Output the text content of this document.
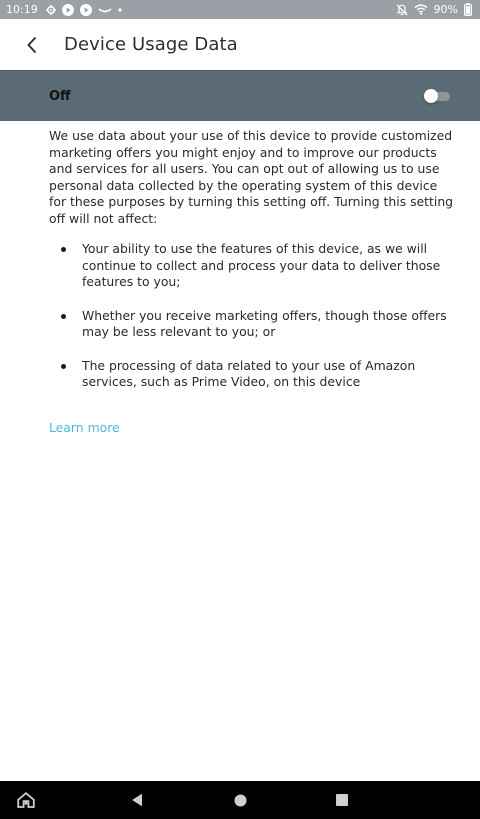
10:19	90%
Device Usage Data
Off

We use data about your use of this device to provide customized marketing offers you might enjoy and to improve our products and services for all users. You can opt out of allowing us to use personal data collected by the operating system of this device for these purposes by turning this setting off. Turning this setting off will not affect:

Your ability to use the features of this device, as we will continue to collect and process your data to deliver those features to you;
Whether you receive marketing offers, though those offers may be less relevant to you; or
The processing of data related to your use of Amazon services, such as Prime Video, on this device
Learn more
